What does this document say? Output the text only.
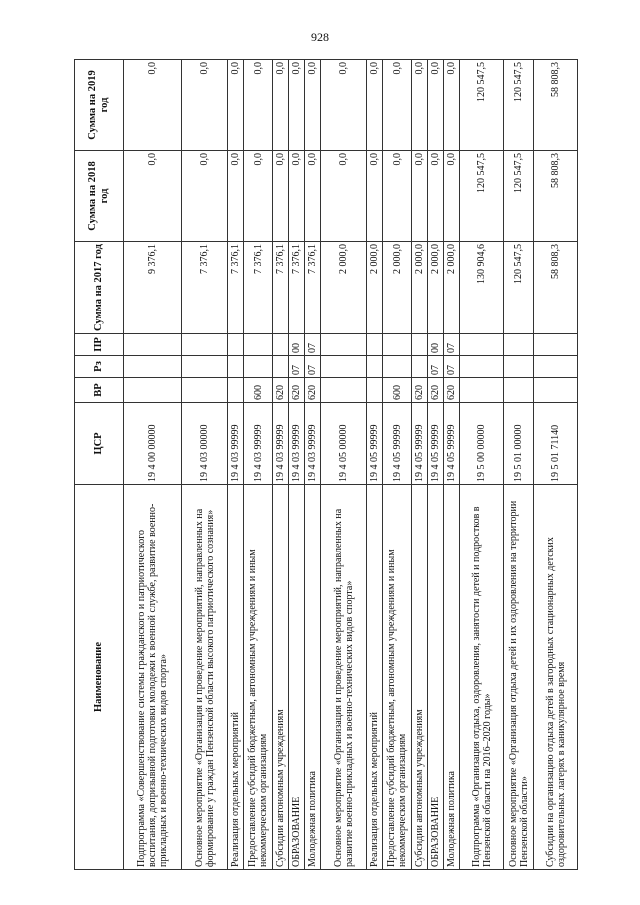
928
Наименование	ЦСР	ВР	Рз	ПР	Сумма на 2017 год	Сумма на 2018 год	Сумма на 2019 год
Подпрограмма «Совершенствование системы гражданского и патриотического воспитания, допризывной подготовки молодежи к военной службе, развитие военно-прикладных и военно-технических видов спорта»	19 4 00 00000				9 376,1	0,0	0,0
Основное мероприятие «Организация и проведение мероприятий, направленных на формирование у граждан Пензенской области высокого патриотического сознания»	19 4 03 00000				7 376,1	0,0	0,0
Реализация отдельных мероприятий	19 4 03 99999				7 376,1	0,0	0,0
Предоставление субсидий бюджетным, автономным учреждениям и иным некоммерческим организациям	19 4 03 99999	600			7 376,1	0,0	0,0
Субсидии автономным учреждениям	19 4 03 99999	620			7 376,1	0,0	0,0
ОБРАЗОВАНИЕ	19 4 03 99999	620	07	00	7 376,1	0,0	0,0
Молодежная политика	19 4 03 99999	620	07	07	7 376,1	0,0	0,0
Основное мероприятие «Организация и проведение мероприятий, направленных на развитие военно-прикладных и военно-технических видов спорта»	19 4 05 00000				2 000,0	0,0	0,0
Реализация отдельных мероприятий	19 4 05 99999				2 000,0	0,0	0,0
Предоставление субсидий бюджетным, автономным учреждениям и иным некоммерческим организациям	19 4 05 99999	600			2 000,0	0,0	0,0
Субсидии автономным учреждениям	19 4 05 99999	620			2 000,0	0,0	0,0
ОБРАЗОВАНИЕ	19 4 05 99999	620	07	00	2 000,0	0,0	0,0
Молодежная политика	19 4 05 99999	620	07	07	2 000,0	0,0	0,0
Подпрограмма «Организация отдыха, оздоровления, занятости детей и подростков в Пензенской области на 2016–2020 годы»	19 5 00 00000				130 904,6	120 547,5	120 547,5
Основное мероприятие «Организация отдыха детей и их оздоровления на территории Пензенской области»	19 5 01 00000				120 547,5	120 547,5	120 547,5
Субсидии на организацию отдыха детей в загородных стационарных детских оздоровительных лагерях в каникулярное время	19 5 01 71140				58 808,3	58 808,3	58 808,3
